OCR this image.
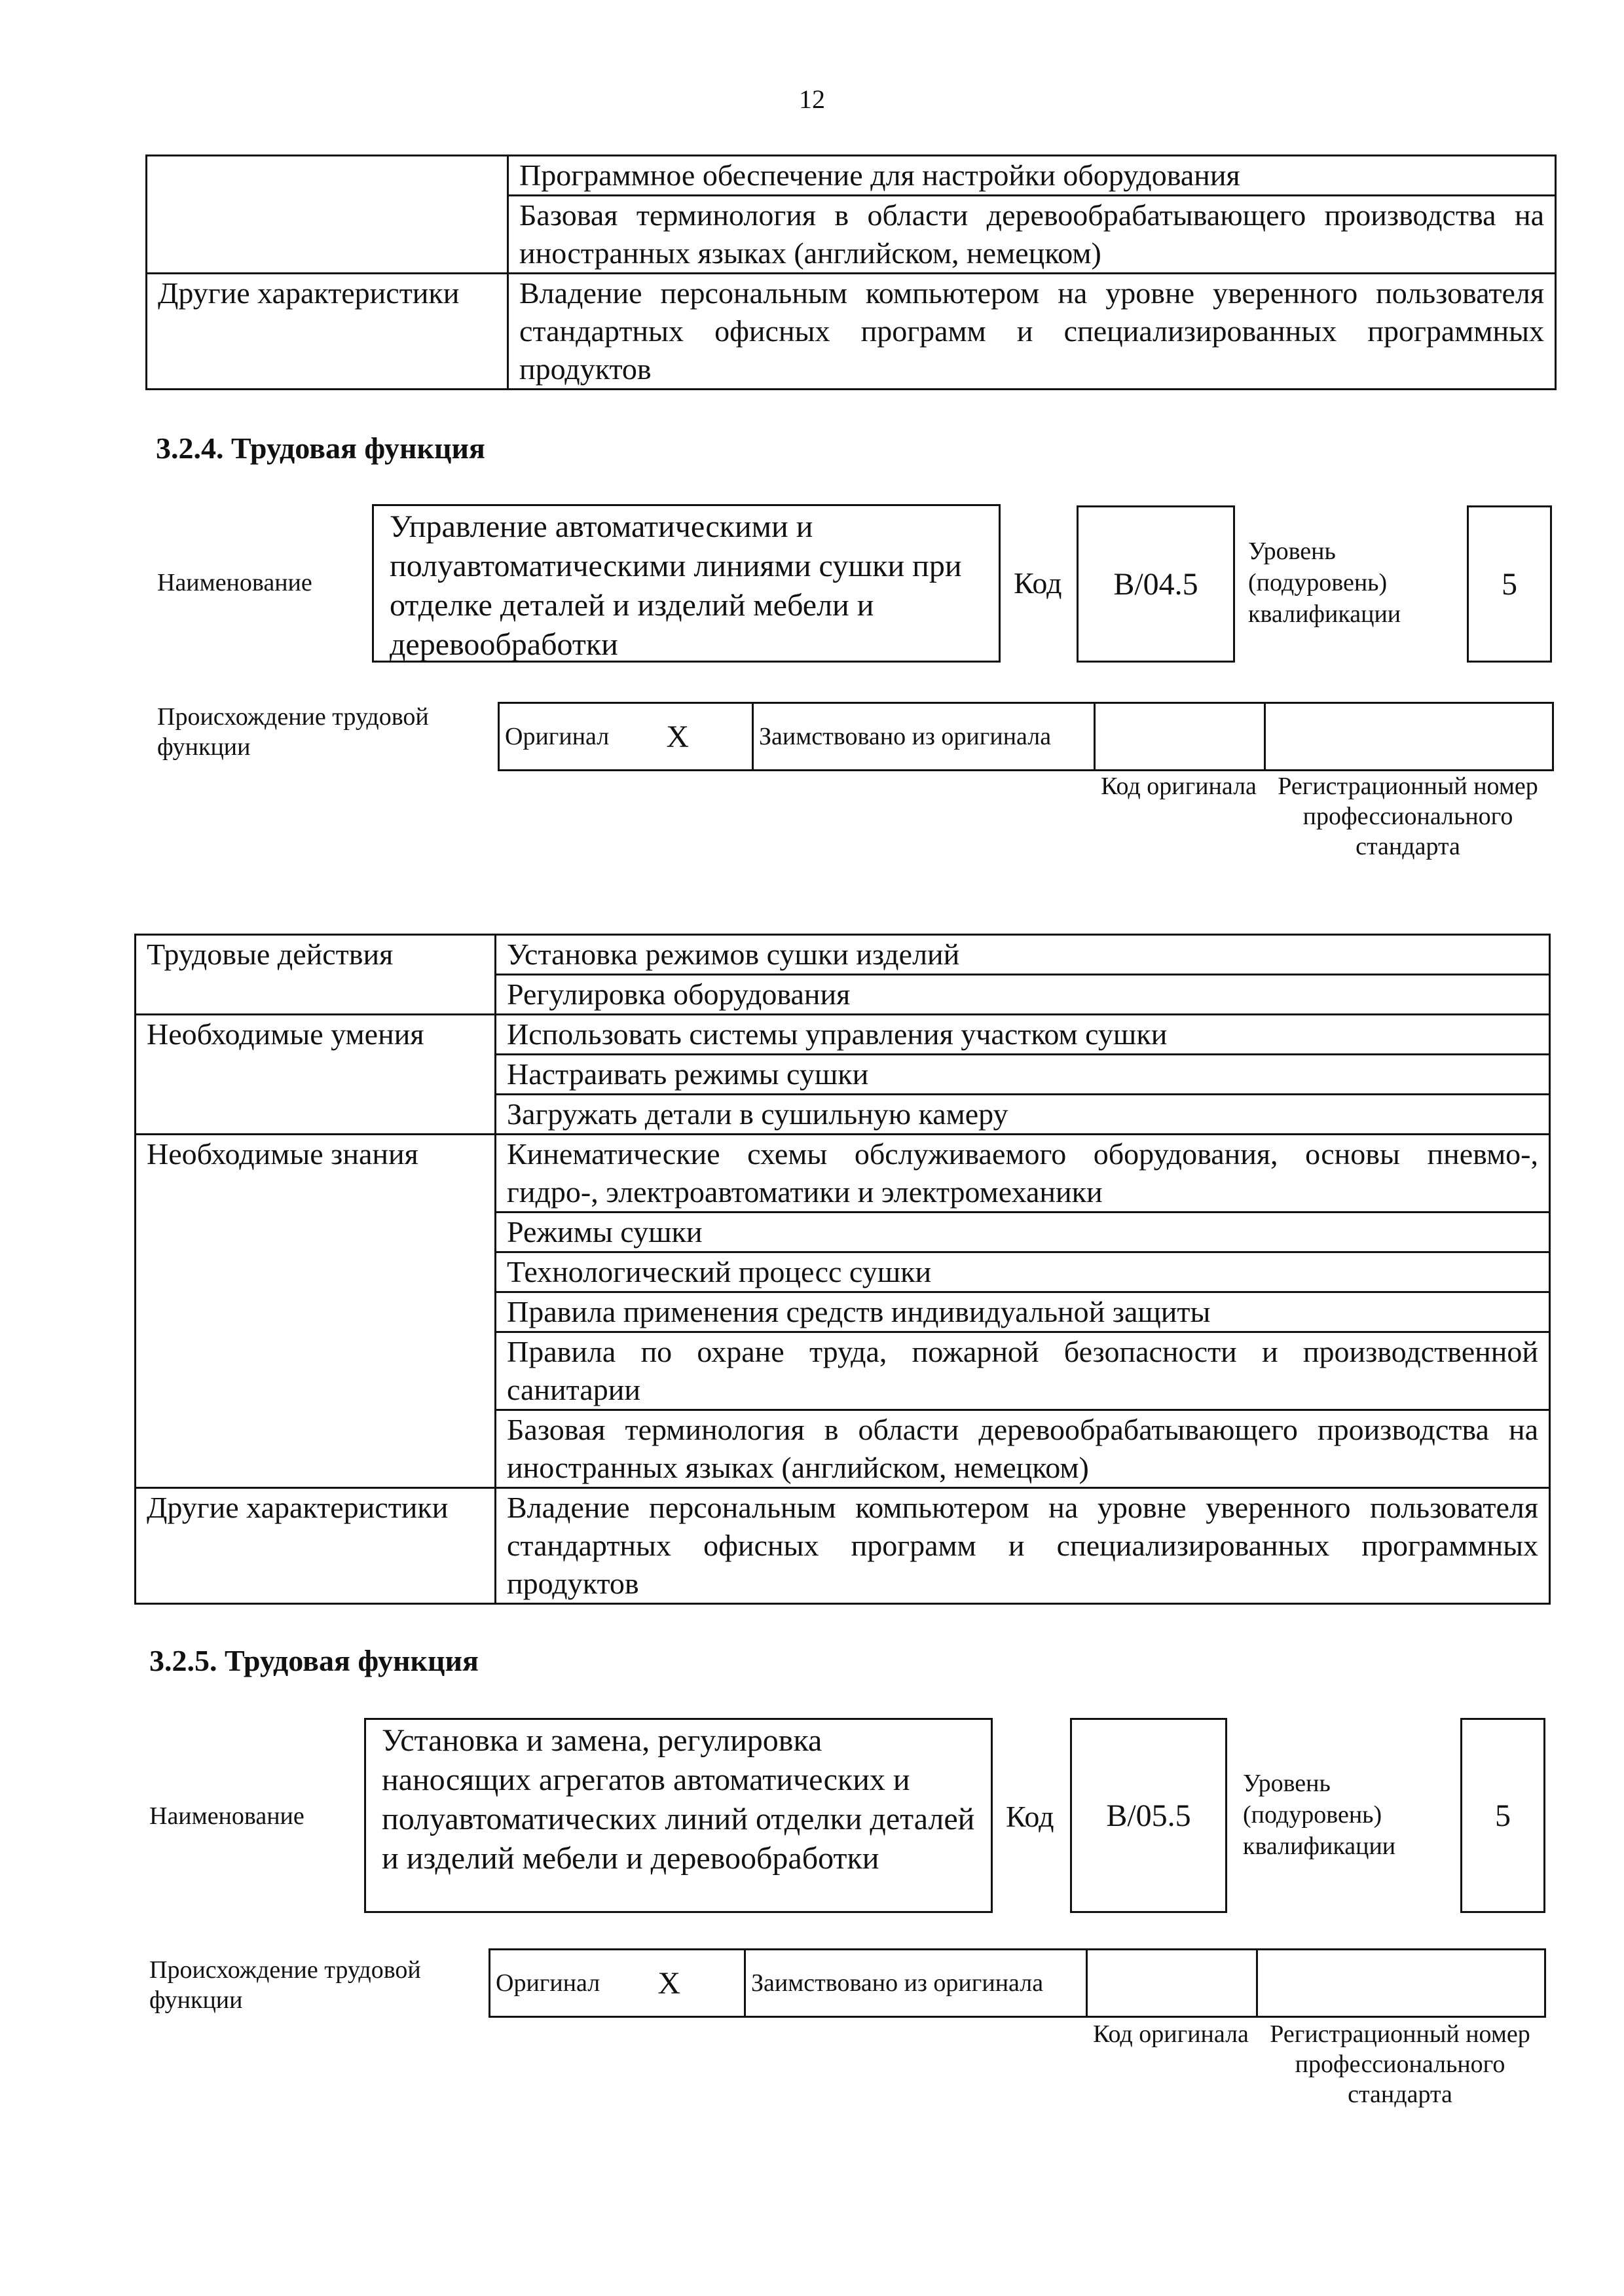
12
	Программное обеспечение для настройки оборудования
	Базовая терминология в области деревообрабатывающего производства на иностранных языках (английском, немецком)
Другие характеристики	Владение персональным компьютером на уровне уверенного пользователя стандартных офисных программ и специализированных программных продуктов
3.2.4. Трудовая функция
Наименование
Управление автоматическими и полуавтоматическими линиями сушки при отделке деталей и изделий мебели и деревообработки
Код	В/04.5
Уровень (подуровень) квалификации
5
Происхождение трудовой функции	Оригинал	X	Заимствовано из оригинала		
Код оригинала Регистрационный номер профессионального стандарта
Трудовые действия	Установка режимов сушки изделий
	Регулировка оборудования
Необходимые умения	Использовать системы управления участком сушки
	Настраивать режимы сушки
	Загружать детали в сушильную камеру
Необходимые знания	Кинематические схемы обслуживаемого оборудования, основы пневмо-, гидро-, электроавтоматики и электромеханики
	Режимы сушки
	Технологический процесс сушки
	Правила применения средств индивидуальной защиты
	Правила по охране труда, пожарной безопасности и производственной санитарии
	Базовая терминология в области деревообрабатывающего производства на иностранных языках (английском, немецком)
Другие характеристики	Владение персональным компьютером на уровне уверенного пользователя стандартных офисных программ и специализированных программных продуктов
3.2.5. Трудовая функция
Наименование
Установка и замена, регулировка наносящих агрегатов автоматических и полуавтоматических линий отделки деталей и изделий мебели и деревообработки
Код	В/05.5
Уровень (подуровень) квалификации
5
Происхождение трудовой функции
Оригинал	X	Заимствовано из оригинала		
Код оригинала Регистрационный номер профессионального стандарта
